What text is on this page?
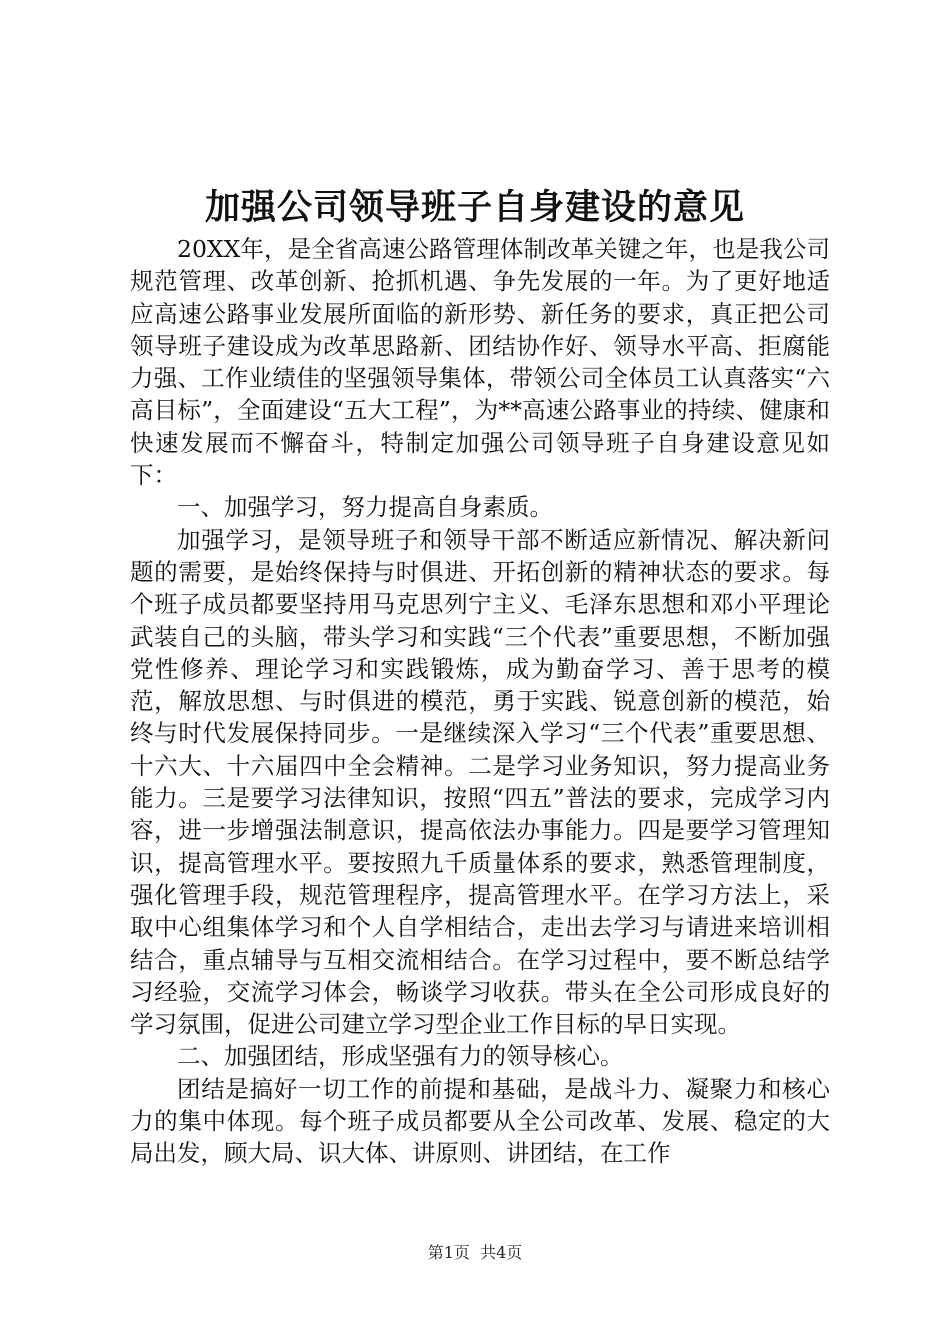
加强公司领导班子自身建设的意见

20XX年，是全省高速公路管理体制改革关键之年，也是我公司规范管理、改革创新、抢抓机遇、争先发展的一年。为了更好地适应高速公路事业发展所面临的新形势、新任务的要求，真正把公司领导班子建设成为改革思路新、团结协作好、领导水平高、拒腐能力强、工作业绩佳的坚强领导集体，带领公司全体员工认真落实“六高目标”，全面建设“五大工程”，为**高速公路事业的持续、健康和快速发展而不懈奋斗，特制定加强公司领导班子自身建设意见如下：

一、加强学习，努力提高自身素质。

加强学习，是领导班子和领导干部不断适应新情况、解决新问题的需要，是始终保持与时俱进、开拓创新的精神状态的要求。每个班子成员都要坚持用马克思列宁主义、毛泽东思想和邓小平理论武装自己的头脑，带头学习和实践“三个代表”重要思想，不断加强党性修养、理论学习和实践锻炼，成为勤奋学习、善于思考的模范，解放思想、与时俱进的模范，勇于实践、锐意创新的模范，始终与时代发展保持同步。一是继续深入学习“三个代表”重要思想、十六大、十六届四中全会精神。二是学习业务知识，努力提高业务能力。三是要学习法律知识，按照“四五”普法的要求，完成学习内容，进一步增强法制意识，提高依法办事能力。四是要学习管理知识，提高管理水平。要按照九千质量体系的要求，熟悉管理制度，强化管理手段，规范管理程序，提高管理水平。在学习方法上，采取中心组集体学习和个人自学相结合，走出去学习与请进来培训相结合，重点辅导与互相交流相结合。在学习过程中，要不断总结学习经验，交流学习体会，畅谈学习收获。带头在全公司形成良好的学习氛围，促进公司建立学习型企业工作目标的早日实现。

二、加强团结，形成坚强有力的领导核心。

团结是搞好一切工作的前提和基础，是战斗力、凝聚力和核心力的集中体现。每个班子成员都要从全公司改革、发展、稳定的大局出发，顾大局、识大体、讲原则、讲团结，在工作

第1页 共4页
